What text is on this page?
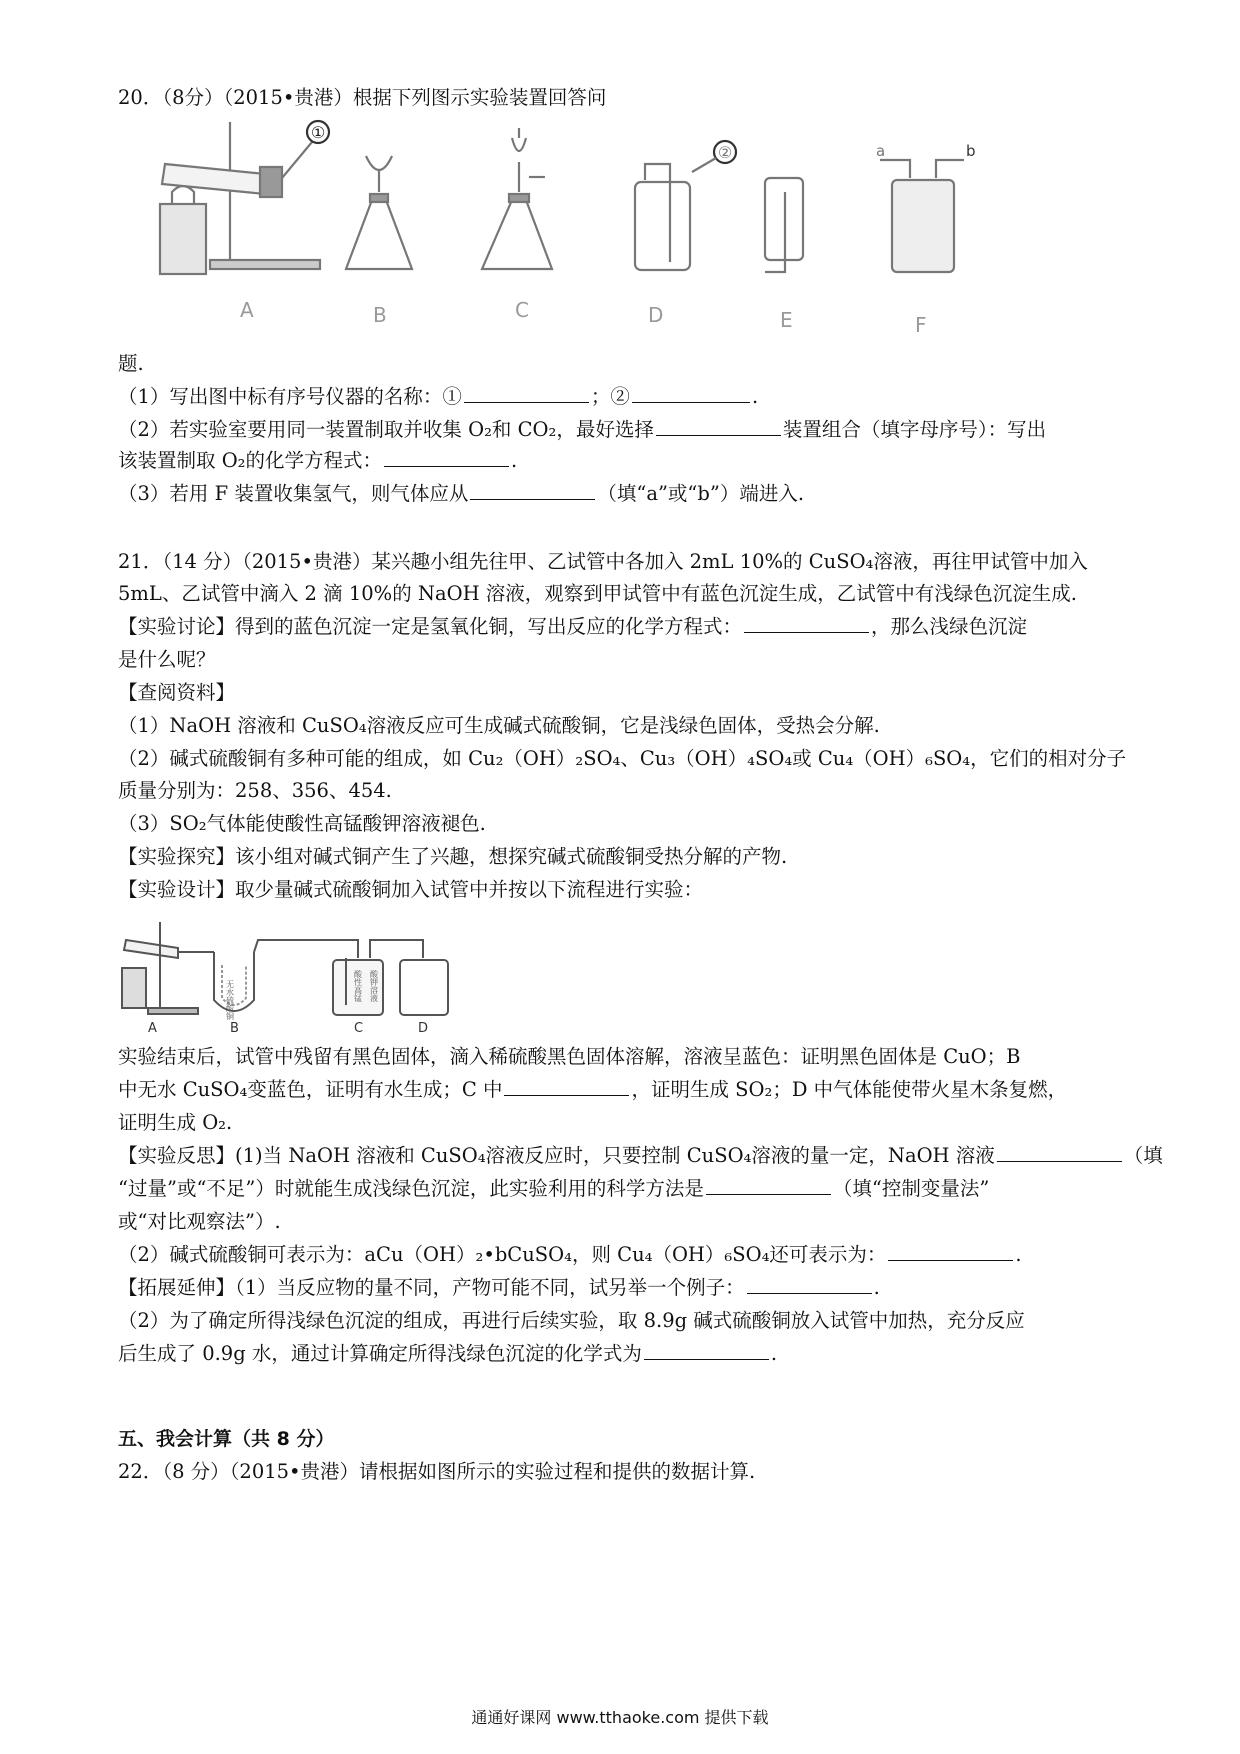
20．（8分）（2015•贵港）根据下列图示实验装置回答问
①
②	a	b
A	B	C	D	E	F
题.
（1）写出图中标有序号仪器的名称：①	；②	.
（2）若实验室要用同一装置制取并收集 O₂和 CO₂，最好选择	装置组合（填字母序号）：写出
该装置制取 O₂的化学方程式：	.
（3）若用 F 装置收集氢气，则气体应从	（填“a”或“b”）端进入.
21．（14 分）（2015•贵港）某兴趣小组先往甲、乙试管中各加入 2mL 10%的 CuSO₄溶液，再往甲试管中加入
5mL、乙试管中滴入 2 滴 10%的 NaOH 溶液，观察到甲试管中有蓝色沉淀生成，乙试管中有浅绿色沉淀生成.
【实验讨论】得到的蓝色沉淀一定是氢氧化铜，写出反应的化学方程式：	，那么浅绿色沉淀
是什么呢？
【查阅资料】
（1）NaOH 溶液和 CuSO₄溶液反应可生成碱式硫酸铜，它是浅绿色固体，受热会分解.
（2）碱式硫酸铜有多种可能的组成，如 Cu₂（OH）₂SO₄、Cu₃（OH）₄SO₄或 Cu₄（OH）₆SO₄，它们的相对分子
质量分别为：258、356、454.
（3）SO₂气体能使酸性高锰酸钾溶液褪色.
【实验探究】该小组对碱式铜产生了兴趣，想探究碱式硫酸铜受热分解的产物.
【实验设计】取少量碱式硫酸铜加入试管中并按以下流程进行实验：
无水硫酸铜	酸性高锰 酸钾溶液
A	B	C	D
实验结束后，试管中残留有黑色固体，滴入稀硫酸黑色固体溶解，溶液呈蓝色：证明黑色固体是 CuO；B
中无水 CuSO₄变蓝色，证明有水生成；C 中	，证明生成 SO₂；D 中气体能使带火星木条复燃，
证明生成 O₂.
【实验反思】(1)当 NaOH 溶液和 CuSO₄溶液反应时，只要控制 CuSO₄溶液的量一定，NaOH 溶液	（填
“过量”或“不足”）时就能生成浅绿色沉淀，此实验利用的科学方法是	（填“控制变量法”
或“对比观察法”）.
（2）碱式硫酸铜可表示为：aCu（OH）₂•bCuSO₄，则 Cu₄（OH）₆SO₄还可表示为：	.
【拓展延伸】（1）当反应物的量不同，产物可能不同，试另举一个例子：	.
（2）为了确定所得浅绿色沉淀的组成，再进行后续实验，取 8.9g 碱式硫酸铜放入试管中加热，充分反应
后生成了 0.9g 水，通过计算确定所得浅绿色沉淀的化学式为	.
五、我会计算（共 8 分）
22．（8 分）（2015•贵港）请根据如图所示的实验过程和提供的数据计算.
通通好课网 www.tthaoke.com 提供下载
